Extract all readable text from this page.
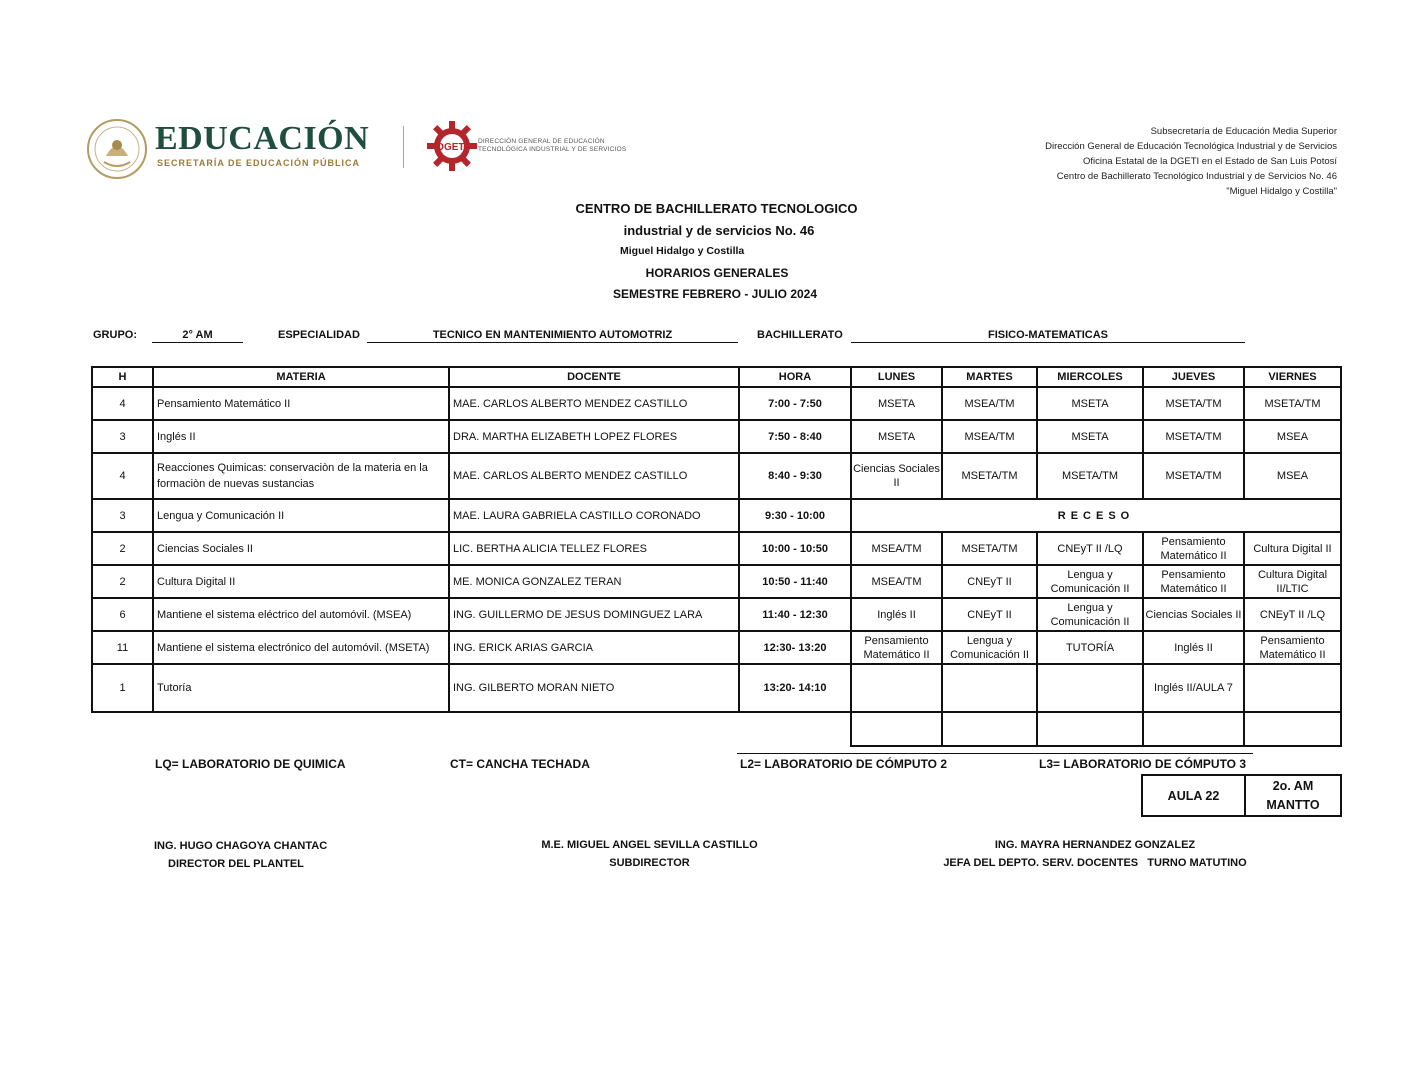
EDUCACIÓN
SECRETARÍA DE EDUCACIÓN PÚBLICA
DGETI
DIRECCIÓN GENERAL DE EDUCACIÓN
TECNOLÓGICA INDUSTRIAL Y DE SERVICIOS
Subsecretaría de Educación Media Superior
Dirección General de Educación Tecnológica Industrial y de Servicios
Oficina Estatal de la DGETI en el Estado de San Luis Potosí
Centro de Bachillerato Tecnológico Industrial y de Servicios No. 46
"Miguel Hidalgo y Costilla"
CENTRO DE BACHILLERATO TECNOLOGICO
industrial y de servicios No. 46
Miguel Hidalgo y Costilla
HORARIOS GENERALES
SEMESTRE FEBRERO - JULIO 2024
GRUPO:	2° AM	ESPECIALIDAD	TECNICO EN MANTENIMIENTO AUTOMOTRIZ	BACHILLERATO	FISICO-MATEMATICAS
H	MATERIA	DOCENTE	HORA	LUNES	MARTES	MIERCOLES	JUEVES	VIERNES
4	Pensamiento Matemático II	MAE. CARLOS ALBERTO MENDEZ CASTILLO	7:00 - 7:50	MSETA	MSEA/TM	MSETA	MSETA/TM	MSETA/TM
3	Inglés II	DRA. MARTHA ELIZABETH LOPEZ FLORES	7:50 - 8:40	MSETA	MSEA/TM	MSETA	MSETA/TM	MSEA
4	Reacciones Quimicas: conservaciòn de la materia en la formaciòn de nuevas sustancias	MAE. CARLOS ALBERTO MENDEZ CASTILLO	8:40 - 9:30	Ciencias Sociales II	MSETA/TM	MSETA/TM	MSETA/TM	MSEA
3	Lengua y Comunicación II	MAE. LAURA GABRIELA CASTILLO CORONADO	9:30 - 10:00	RECESO				
2	Ciencias Sociales II	LIC. BERTHA ALICIA TELLEZ FLORES	10:00 - 10:50	MSEA/TM	MSETA/TM	CNEyT II /LQ	Pensamiento Matemático II	Cultura Digital II
2	Cultura Digital II	ME. MONICA GONZALEZ TERAN	10:50 - 11:40	MSEA/TM	CNEyT II	Lengua y Comunicación II	Pensamiento Matemático II	Cultura Digital II/LTIC
6	Mantiene el sistema eléctrico del automóvil. (MSEA)	ING. GUILLERMO DE JESUS DOMINGUEZ LARA	11:40 - 12:30	Inglés II	CNEyT II	Lengua y Comunicación II	Ciencias Sociales II	CNEyT II /LQ
11	Mantiene el sistema electrónico del automóvil. (MSETA)	ING. ERICK ARIAS GARCIA	12:30- 13:20	Pensamiento Matemático II	Lengua y Comunicación II	TUTORÍA	Inglés II	Pensamiento Matemático II
1	Tutoría	ING. GILBERTO MORAN NIETO	13:20- 14:10				Inglés II/AULA 7	

LQ= LABORATORIO DE QUIMICA	CT= CANCHA TECHADA	L2= LABORATORIO DE CÓMPUTO 2	L3= LABORATORIO DE CÓMPUTO 3
AULA 22	
2o. AM
MANTTO
ING. HUGO CHAGOYA CHANTAC
DIRECTOR DEL PLANTEL
M.E. MIGUEL ANGEL SEVILLA CASTILLO
SUBDIRECTOR
ING. MAYRA HERNANDEZ GONZALEZ
JEFA DEL DEPTO. SERV. DOCENTES   TURNO MATUTINO
